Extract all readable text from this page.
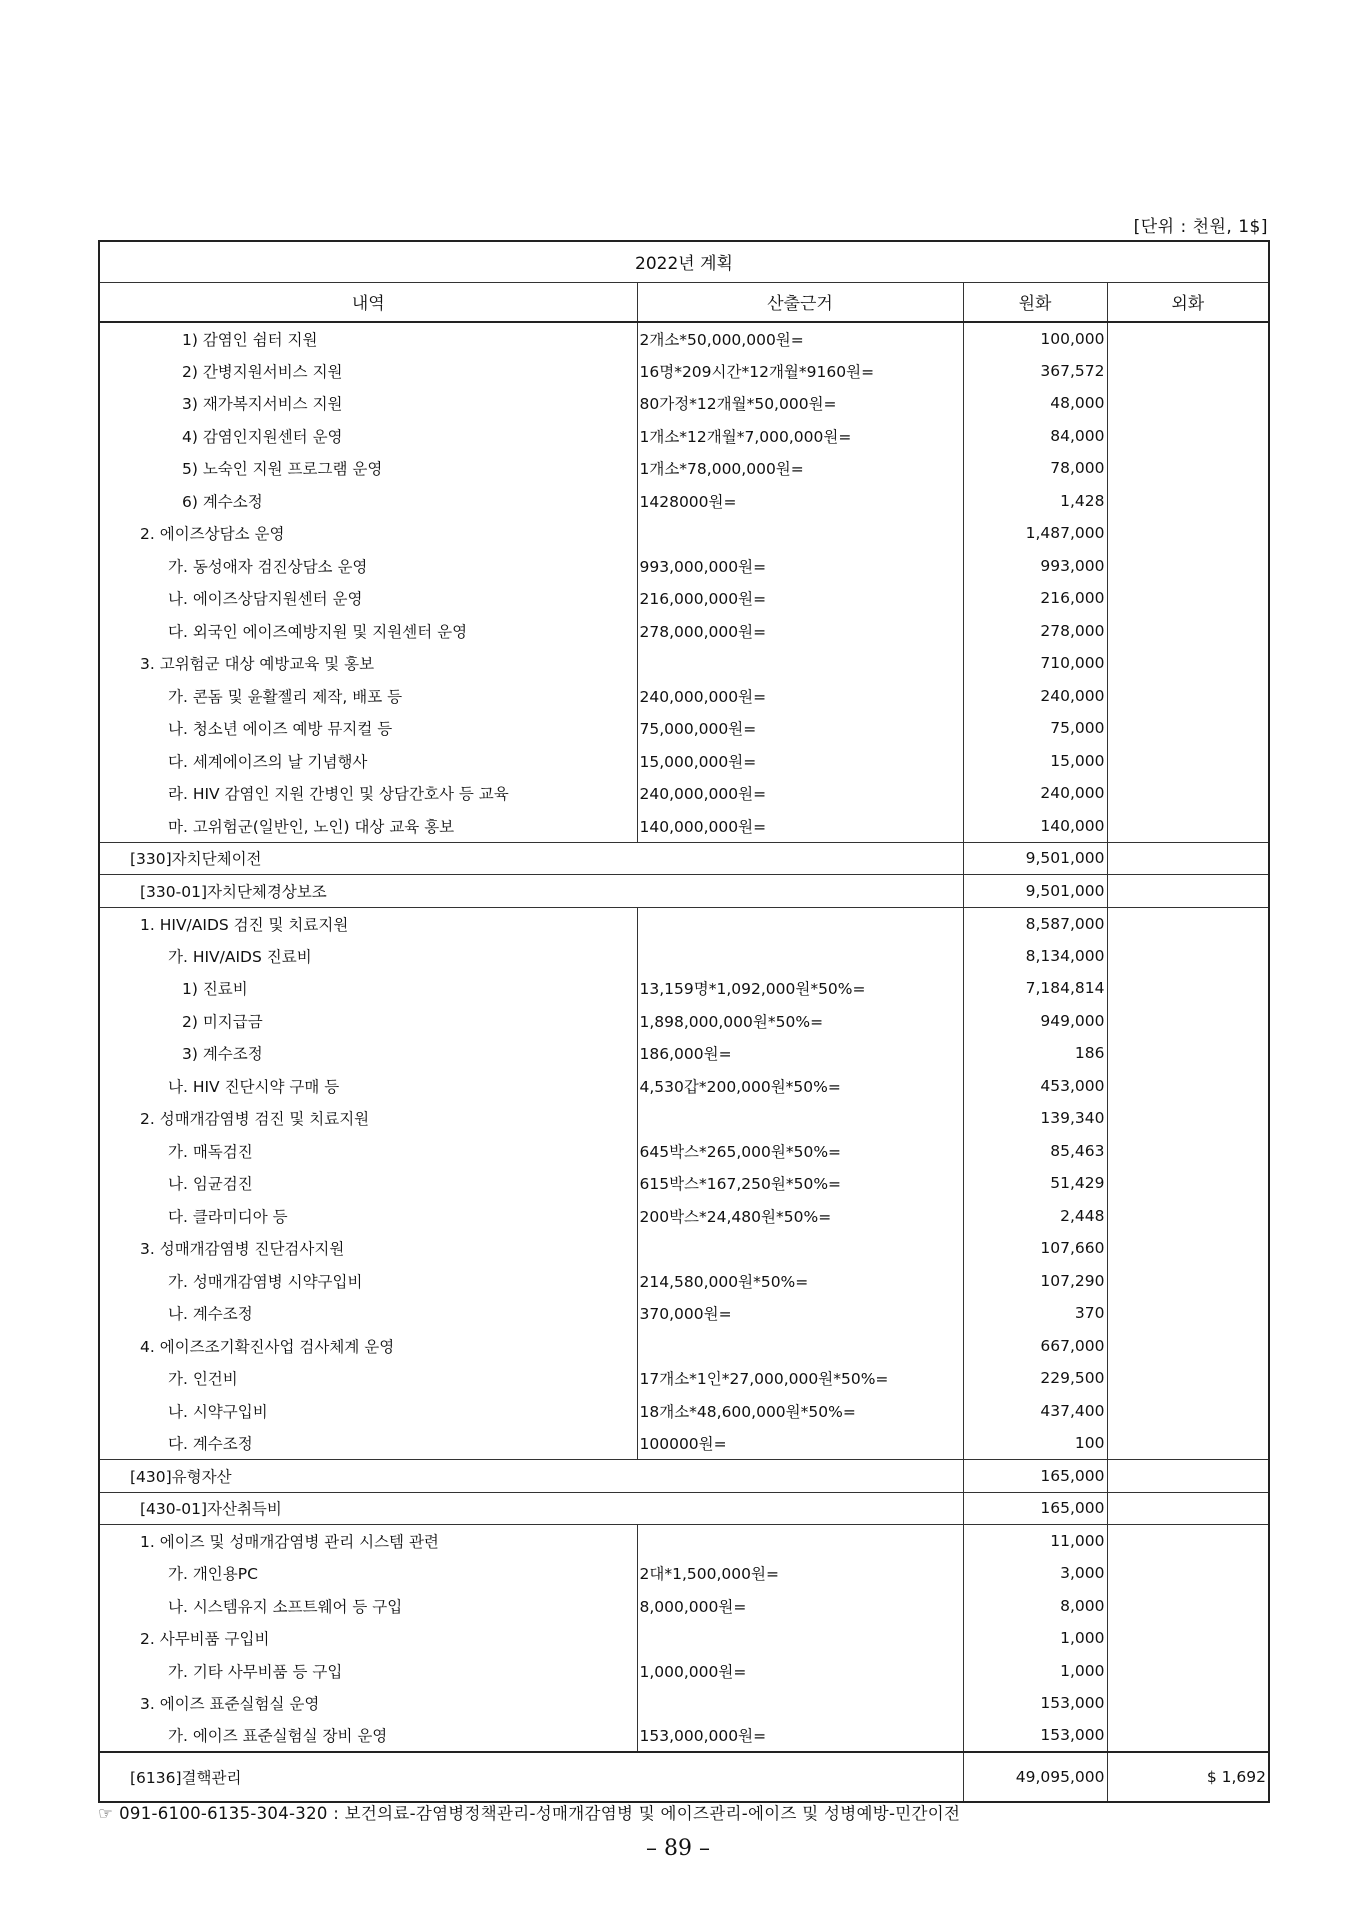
[단위 : 천원, 1$]
2022년 계획			
내역	산출근거	원화	외화
1) 감염인 쉼터 지원	2개소*50,000,000원=	100,000	
2) 간병지원서비스 지원	16명*209시간*12개월*9160원=	367,572	
3) 재가복지서비스 지원	80가정*12개월*50,000원=	48,000	
4) 감염인지원센터 운영	1개소*12개월*7,000,000원=	84,000	
5) 노숙인 지원 프로그램 운영	1개소*78,000,000원=	78,000	
6) 계수소정	1428000원=	1,428	
2. 에이즈상담소 운영		1,487,000	
가. 동성애자 검진상담소 운영	993,000,000원=	993,000	
나. 에이즈상담지원센터 운영	216,000,000원=	216,000	
다. 외국인 에이즈예방지원 및 지원센터 운영	278,000,000원=	278,000	
3. 고위험군 대상 예방교육 및 홍보		710,000	
가. 콘돔 및 윤활젤리 제작, 배포 등	240,000,000원=	240,000	
나. 청소년 에이즈 예방 뮤지컬 등	75,000,000원=	75,000	
다. 세계에이즈의 날 기념행사	15,000,000원=	15,000	
라. HIV 감염인 지원 간병인 및 상담간호사 등 교육	240,000,000원=	240,000	
마. 고위험군(일반인, 노인) 대상 교육 홍보	140,000,000원=	140,000	
[330]자치단체이전		9,501,000	
[330-01]자치단체경상보조		9,501,000	
1. HIV/AIDS 검진 및 치료지원		8,587,000	
가. HIV/AIDS 진료비		8,134,000	
1) 진료비	13,159명*1,092,000원*50%=	7,184,814	
2) 미지급금	1,898,000,000원*50%=	949,000	
3) 계수조정	186,000원=	186	
나. HIV 진단시약 구매 등	4,530갑*200,000원*50%=	453,000	
2. 성매개감염병 검진 및 치료지원		139,340	
가. 매독검진	645박스*265,000원*50%=	85,463	
나. 임균검진	615박스*167,250원*50%=	51,429	
다. 클라미디아 등	200박스*24,480원*50%=	2,448	
3. 성매개감염병 진단검사지원		107,660	
가. 성매개감염병 시약구입비	214,580,000원*50%=	107,290	
나. 계수조정	370,000원=	370	
4. 에이즈조기확진사업 검사체계 운영		667,000	
가. 인건비	17개소*1인*27,000,000원*50%=	229,500	
나. 시약구입비	18개소*48,600,000원*50%=	437,400	
다. 계수조정	100000원=	100	
[430]유형자산		165,000	
[430-01]자산취득비		165,000	
1. 에이즈 및 성매개감염병 관리 시스템 관련		11,000	
가. 개인용PC	2대*1,500,000원=	3,000	
나. 시스템유지 소프트웨어 등 구입	8,000,000원=	8,000	
2. 사무비품 구입비		1,000	
가. 기타 사무비품 등 구입	1,000,000원=	1,000	
3. 에이즈 표준실험실 운영		153,000	
가. 에이즈 표준실험실 장비 운영	153,000,000원=	153,000	
[6136]결핵관리		49,095,000	$ 1,692
☞ 091-6100-6135-304-320 : 보건의료-감염병정책관리-성매개감염병 및 에이즈관리-에이즈 및 성병예방-민간이전
– 89 –
